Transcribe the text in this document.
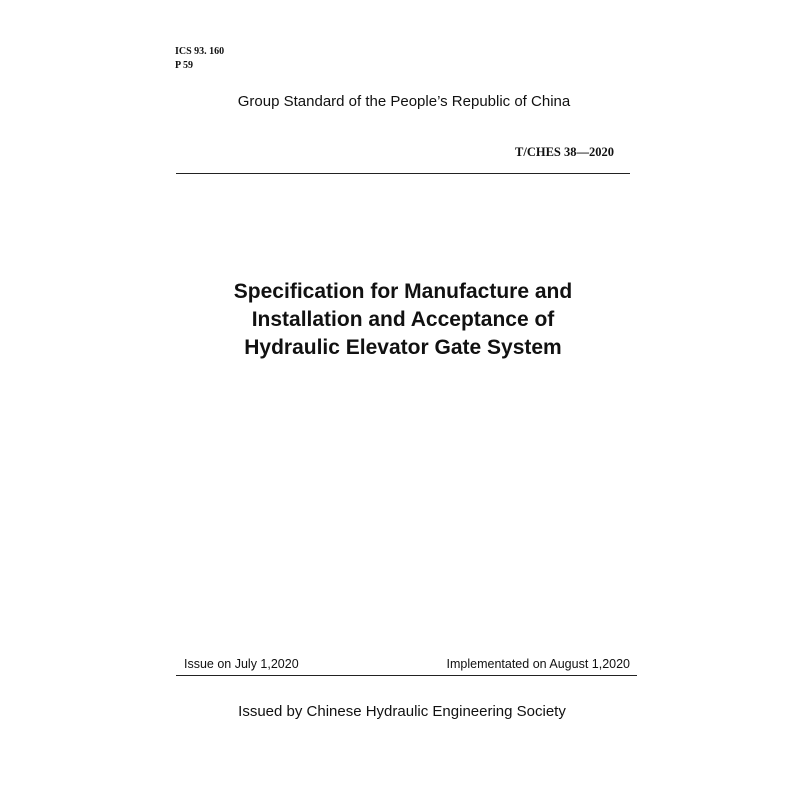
ICS 93. 160
P 59
Group Standard of the People’s Republic of China
T/CHES 38—2020
Specification for Manufacture and
Installation and Acceptance of
Hydraulic Elevator Gate System
Issue on July 1,2020	Implementated on August 1,2020
Issued by Chinese Hydraulic Engineering Society
